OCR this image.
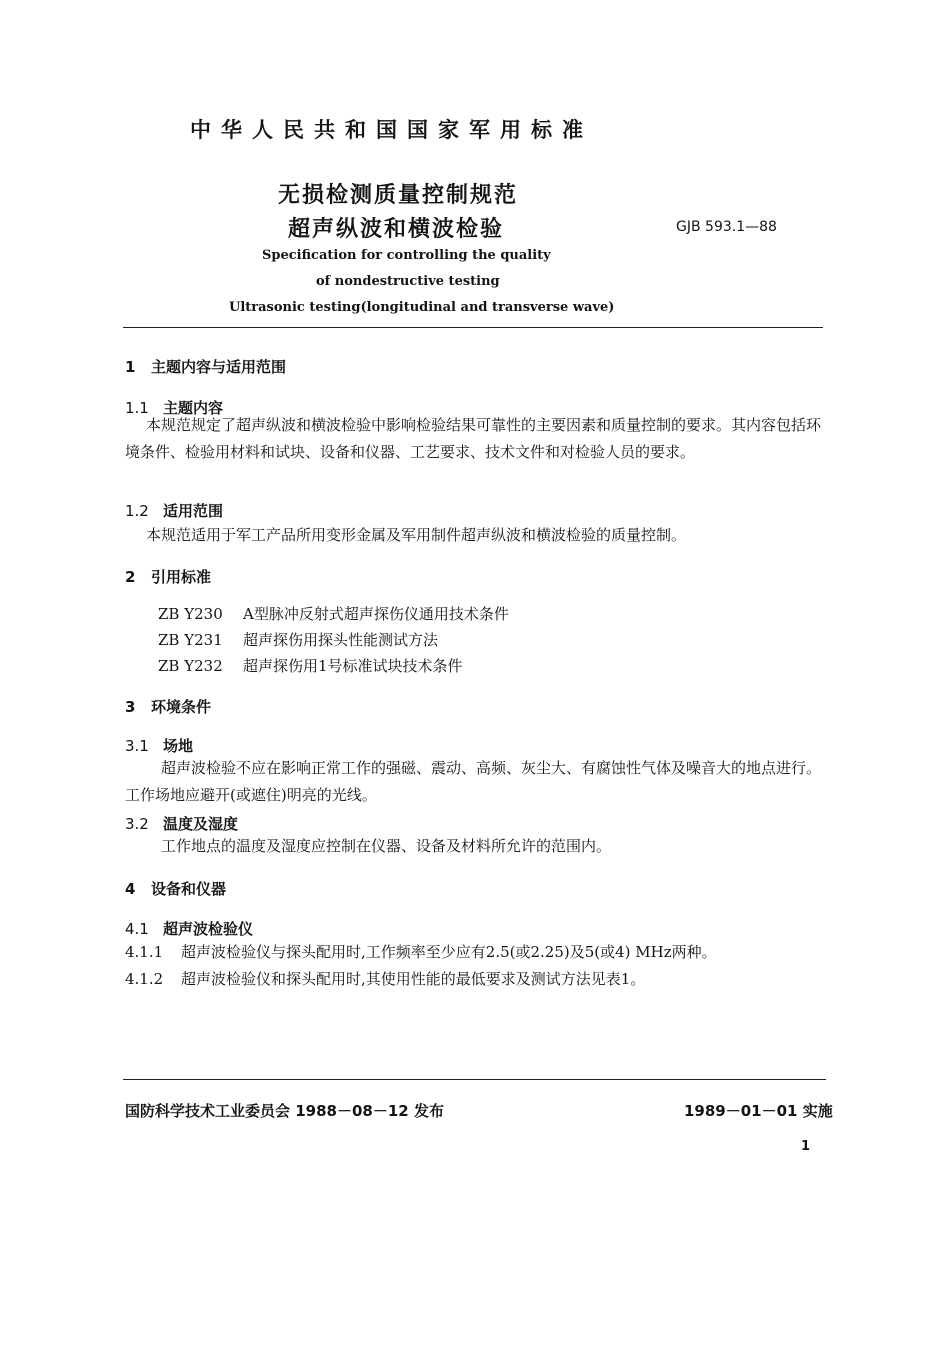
中华人民共和国国家军用标准
无损检测质量控制规范
超声纵波和横波检验	GJB 593.1—88
Specification for controlling the quality
of nondestructive testing
Ultrasonic testing(longitudinal and transverse wave)
1 主题内容与适用范围
1.1 主题内容
本规范规定了超声纵波和横波检验中影响检验结果可靠性的主要因素和质量控制的要求。其内容包括环境条件、检验用材料和试块、设备和仪器、工艺要求、技术文件和对检验人员的要求。
1.2 适用范围
本规范适用于军工产品所用变形金属及军用制件超声纵波和横波检验的质量控制。
2 引用标准
ZB Y230 A型脉冲反射式超声探伤仪通用技术条件
ZB Y231 超声探伤用探头性能测试方法
ZB Y232 超声探伤用1号标准试块技术条件
3 环境条件
3.1 场地
超声波检验不应在影响正常工作的强磁、震动、高频、灰尘大、有腐蚀性气体及噪音大的地点进行。工作场地应避开(或遮住)明亮的光线。
3.2 温度及湿度
工作地点的温度及湿度应控制在仪器、设备及材料所允许的范围内。
4 设备和仪器
4.1 超声波检验仪
4.1.1 超声波检验仪与探头配用时,工作频率至少应有2.5(或2.25)及5(或4) MHz两种。
4.1.2 超声波检验仪和探头配用时,其使用性能的最低要求及测试方法见表1。
国防科学技术工业委员会 1988－08－12 发布	1989－01－01 实施
1
